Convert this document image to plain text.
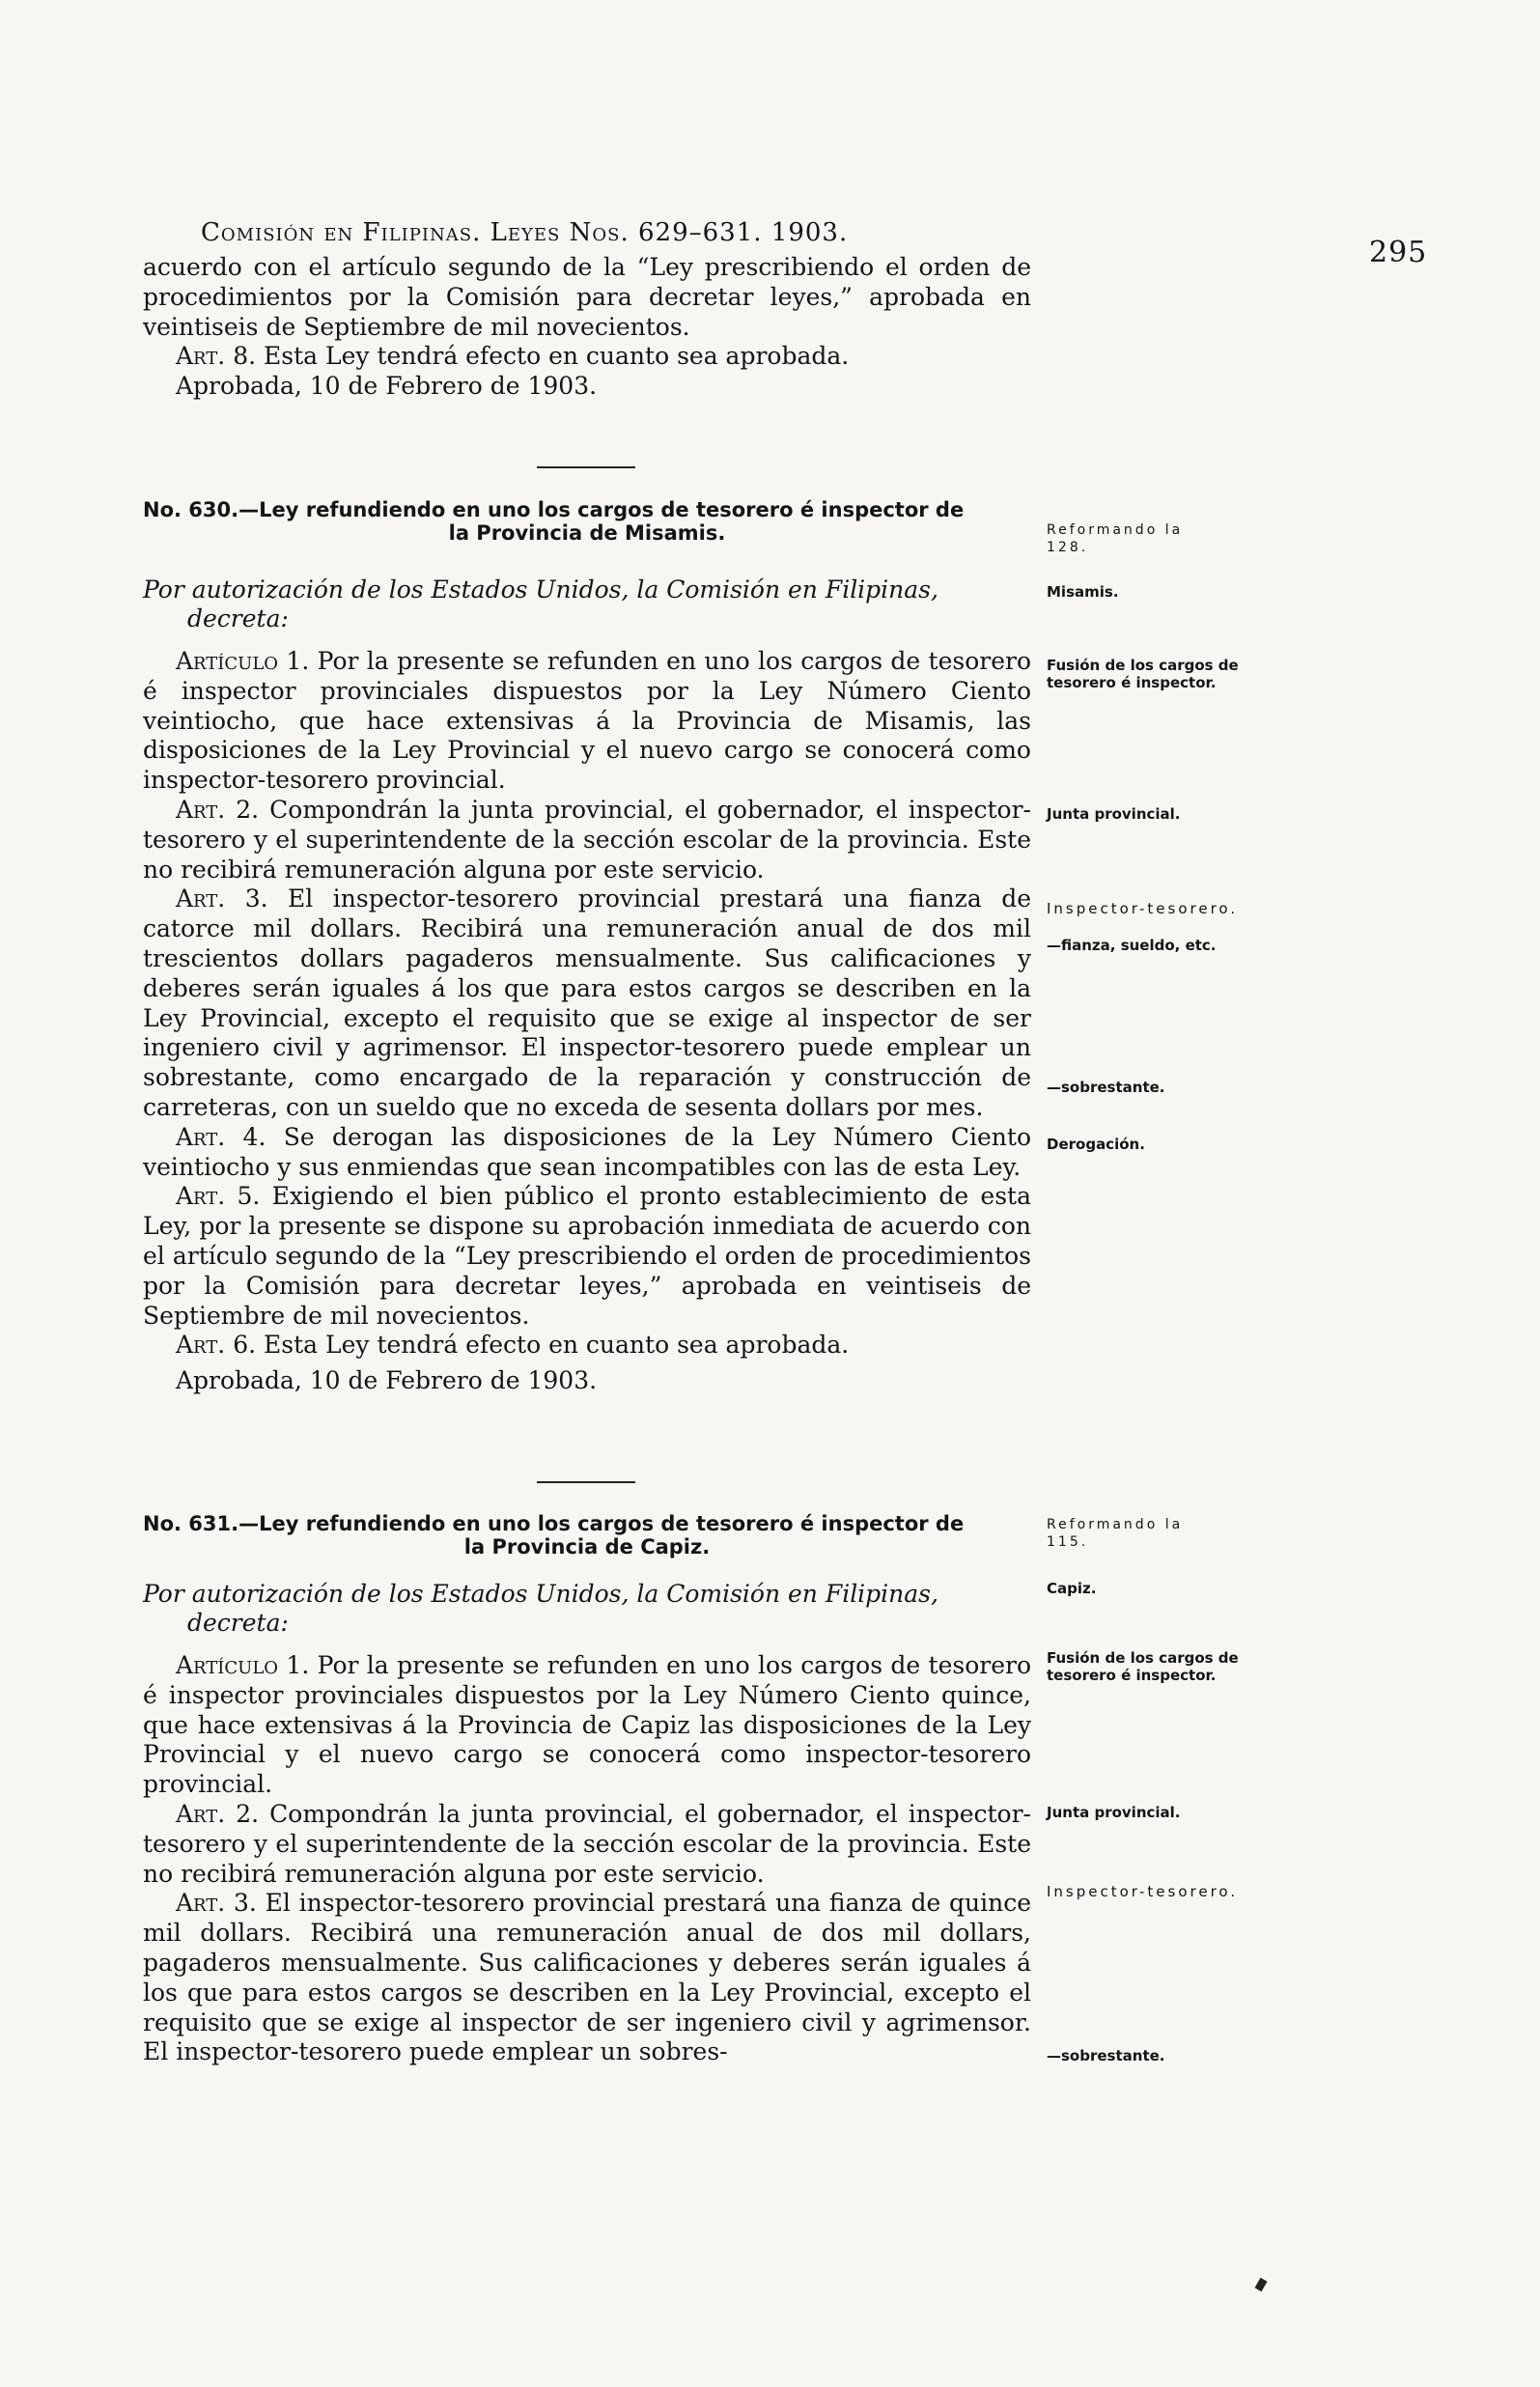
Comisión en Filipinas. Leyes Nos. 629–631. 1903.
295

acuerdo con el artículo segundo de la “Ley prescribiendo el orden de procedimientos por la Comisión para decretar leyes,” aprobada en veintiseis de Septiembre de mil novecientos.

Art. 8. Esta Ley tendrá efecto en cuanto sea aprobada.

Aprobada, 10 de Febrero de 1903.

No. 630.—Ley refundiendo en uno los cargos de tesorero é inspector de
la Provincia de Misamis.
Por autorización de los Estados Unidos, la Comisión en Filipinas,
decreta:

Artículo 1. Por la presente se refunden en uno los cargos de tesorero é inspector provinciales dispuestos por la Ley Número Ciento veintiocho, que hace extensivas á la Provincia de Misamis, las disposiciones de la Ley Provincial y el nuevo cargo se conocerá como inspector-tesorero provincial.

Art. 2. Compondrán la junta provincial, el gobernador, el inspector-tesorero y el superintendente de la sección escolar de la provincia. Este no recibirá remuneración alguna por este servicio.

Art. 3. El inspector-tesorero provincial prestará una fianza de catorce mil dollars. Recibirá una remuneración anual de dos mil trescientos dollars pagaderos mensualmente. Sus calificaciones y deberes serán iguales á los que para estos cargos se describen en la Ley Provincial, excepto el requisito que se exige al inspector de ser ingeniero civil y agrimensor. El inspector-tesorero puede emplear un sobrestante, como encargado de la reparación y construcción de carreteras, con un sueldo que no exceda de sesenta dollars por mes.

Art. 4. Se derogan las disposiciones de la Ley Número Ciento veintiocho y sus enmiendas que sean incompatibles con las de esta Ley.

Art. 5. Exigiendo el bien público el pronto establecimiento de esta Ley, por la presente se dispone su aprobación inmediata de acuerdo con el artículo segundo de la “Ley prescribiendo el orden de procedimientos por la Comisión para decretar leyes,” aprobada en veintiseis de Septiembre de mil novecientos.

Art. 6. Esta Ley tendrá efecto en cuanto sea aprobada.

Aprobada, 10 de Febrero de 1903.

Reformando la
128.
Misamis.
Fusión de los cargos de tesorero é inspector.
Junta provincial.
Inspector-tesorero.
—fianza, sueldo, etc.
—sobrestante.
Derogación.
No. 631.—Ley refundiendo en uno los cargos de tesorero é inspector de
la Provincia de Capiz.
Por autorización de los Estados Unidos, la Comisión en Filipinas,
decreta:

Artículo 1. Por la presente se refunden en uno los cargos de tesorero é inspector provinciales dispuestos por la Ley Número Ciento quince, que hace extensivas á la Provincia de Capiz las disposiciones de la Ley Provincial y el nuevo cargo se conocerá como inspector-tesorero provincial.

Art. 2. Compondrán la junta provincial, el gobernador, el inspector-tesorero y el superintendente de la sección escolar de la provincia. Este no recibirá remuneración alguna por este servicio.

Art. 3. El inspector-tesorero provincial prestará una fianza de quince mil dollars. Recibirá una remuneración anual de dos mil dollars, pagaderos mensualmente. Sus calificaciones y deberes serán iguales á los que para estos cargos se describen en la Ley Provincial, excepto el requisito que se exige al inspector de ser ingeniero civil y agrimensor. El inspector-tesorero puede emplear un sobres-

Reformando la
115.
Capiz.
Fusión de los cargos de tesorero é inspector.
Junta provincial.
Inspector-tesorero.
—sobrestante.
